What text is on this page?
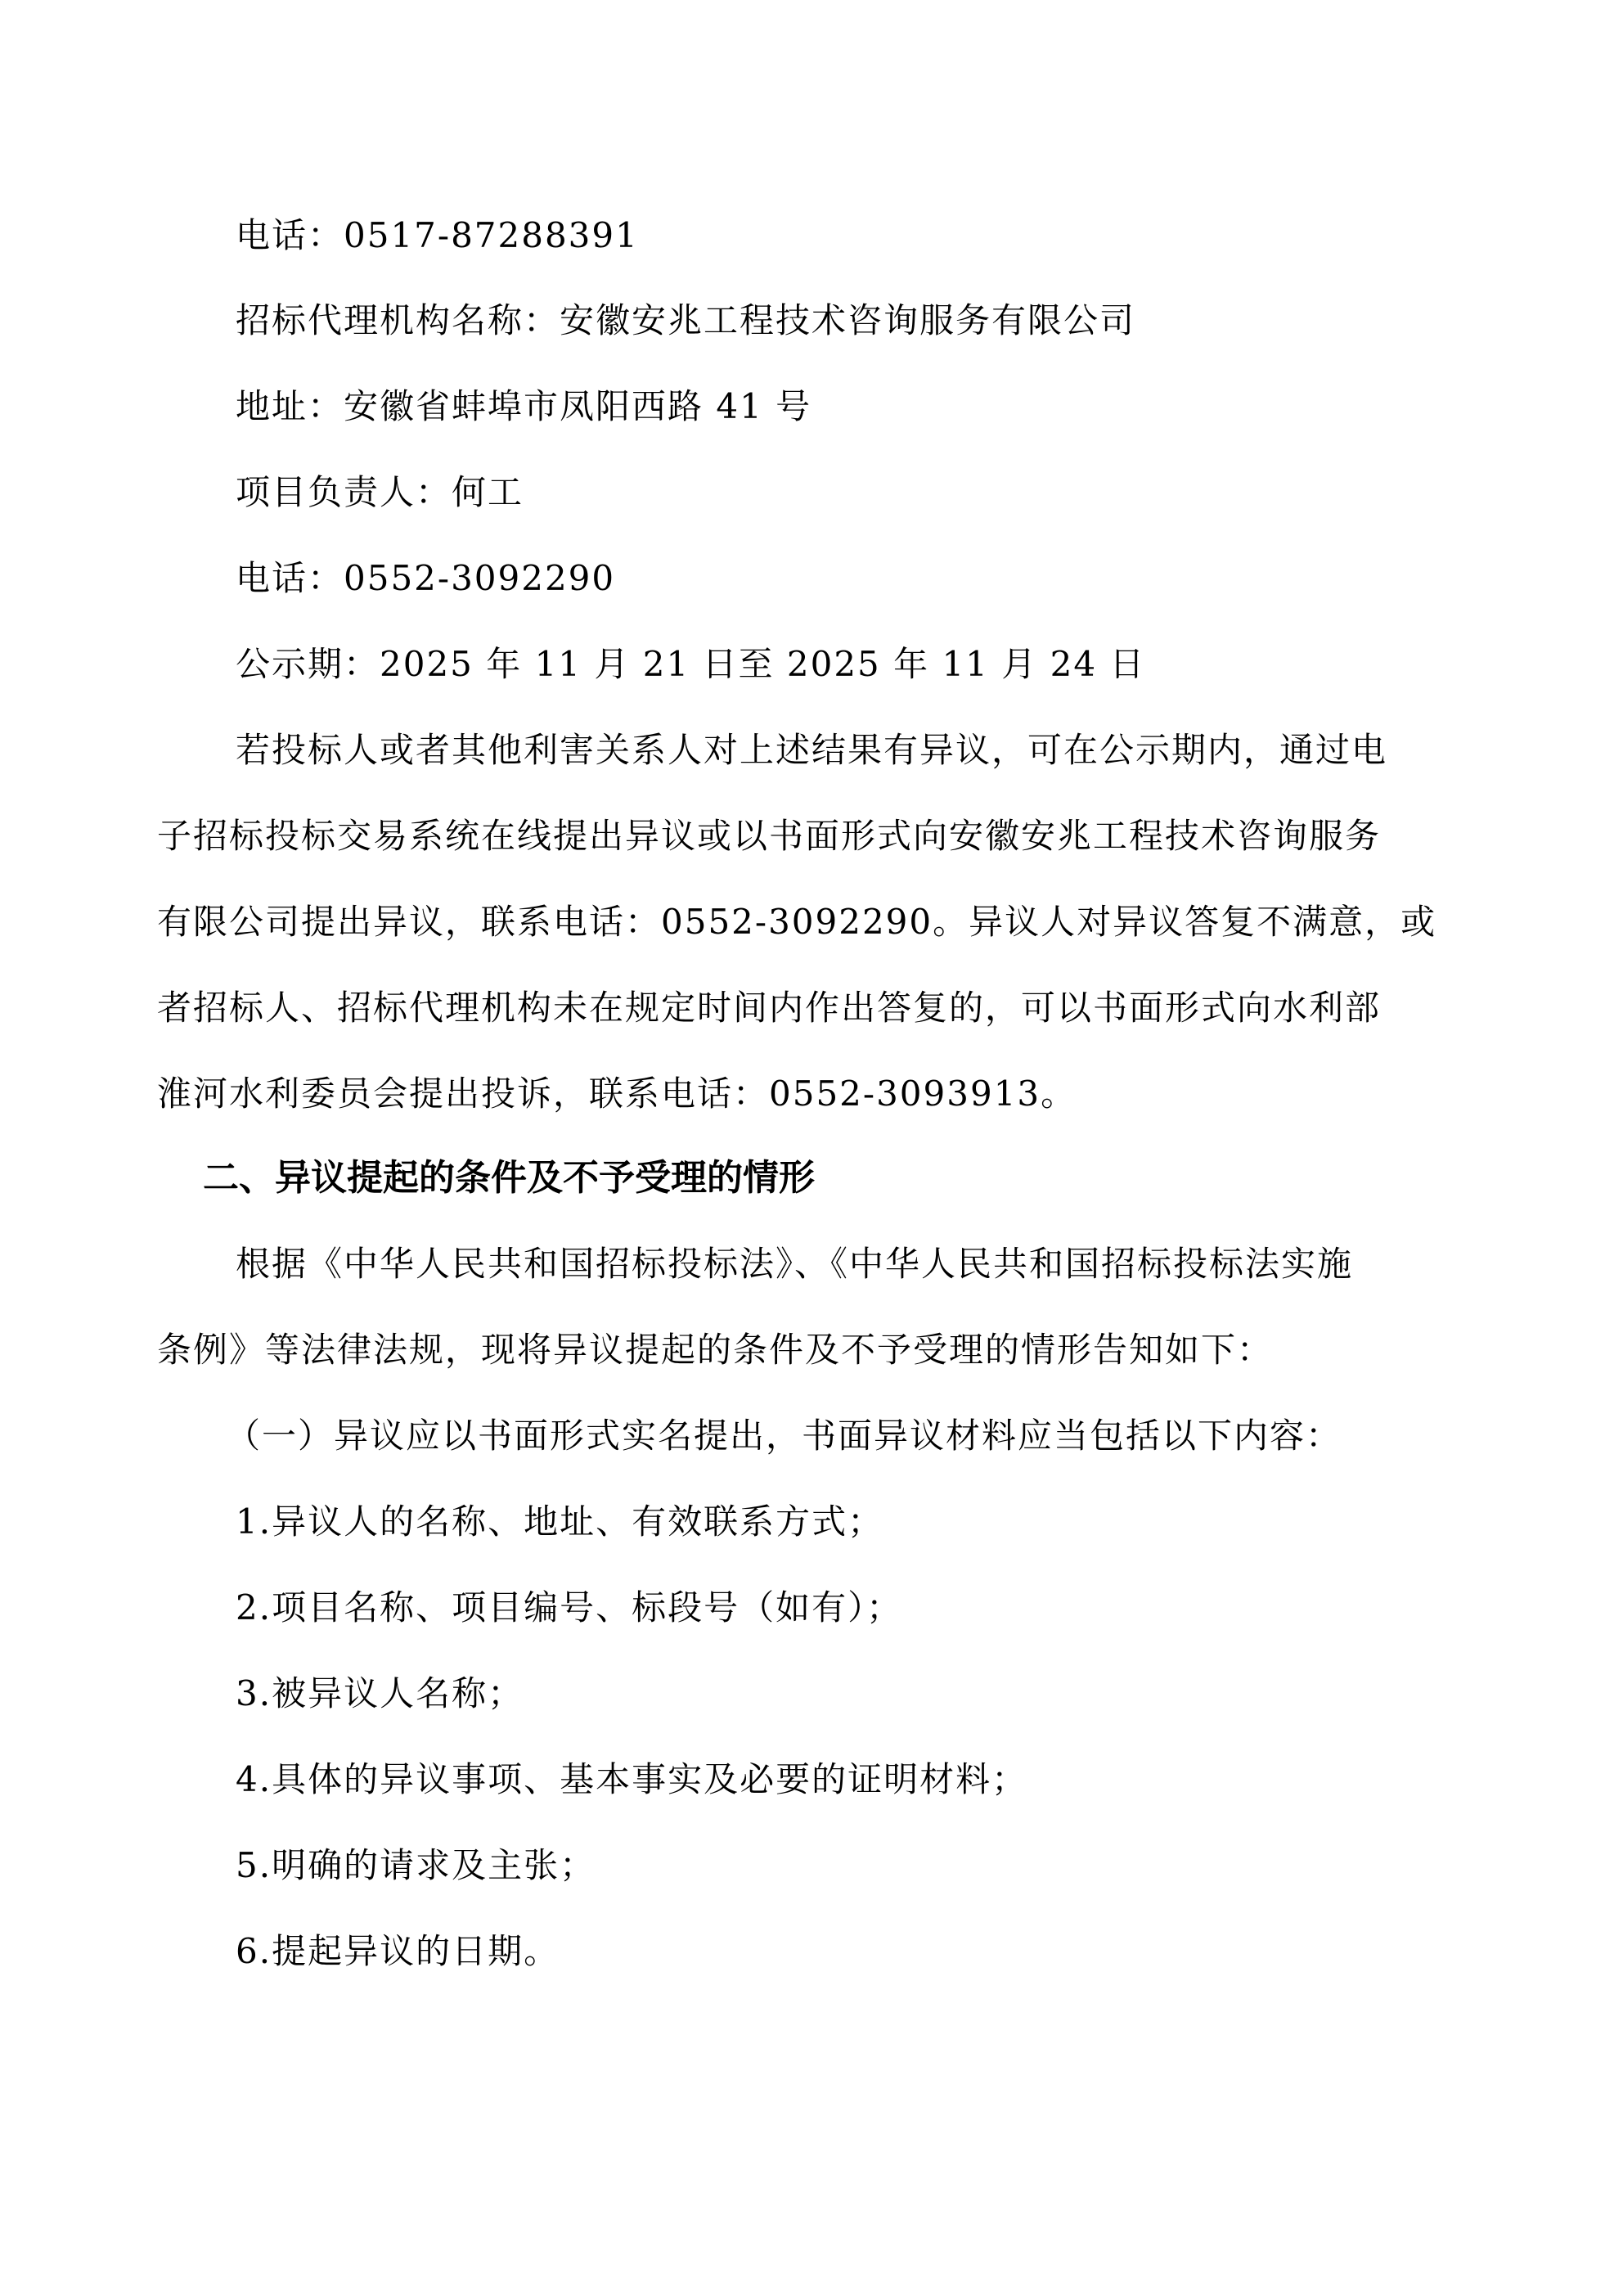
电话：0517-87288391
招标代理机构名称：安徽安兆工程技术咨询服务有限公司
地址：安徽省蚌埠市凤阳西路 41 号
项目负责人：何工
电话：0552-3092290
公示期：2025 年 11 月 21 日至 2025 年 11 月 24 日
若投标人或者其他利害关系人对上述结果有异议，可在公示期内，通过电
子招标投标交易系统在线提出异议或以书面形式向安徽安兆工程技术咨询服务
有限公司提出异议，联系电话：0552-3092290。异议人对异议答复不满意，或
者招标人、招标代理机构未在规定时间内作出答复的，可以书面形式向水利部
淮河水利委员会提出投诉，联系电话：0552-3093913。
二、异议提起的条件及不予受理的情形
根据《中华人民共和国招标投标法》、《中华人民共和国招标投标法实施
条例》等法律法规，现将异议提起的条件及不予受理的情形告知如下：
（一）异议应以书面形式实名提出，书面异议材料应当包括以下内容：
1.异议人的名称、地址、有效联系方式；
2.项目名称、项目编号、标段号（如有）；
3.被异议人名称；
4.具体的异议事项、基本事实及必要的证明材料；
5.明确的请求及主张；
6.提起异议的日期。
